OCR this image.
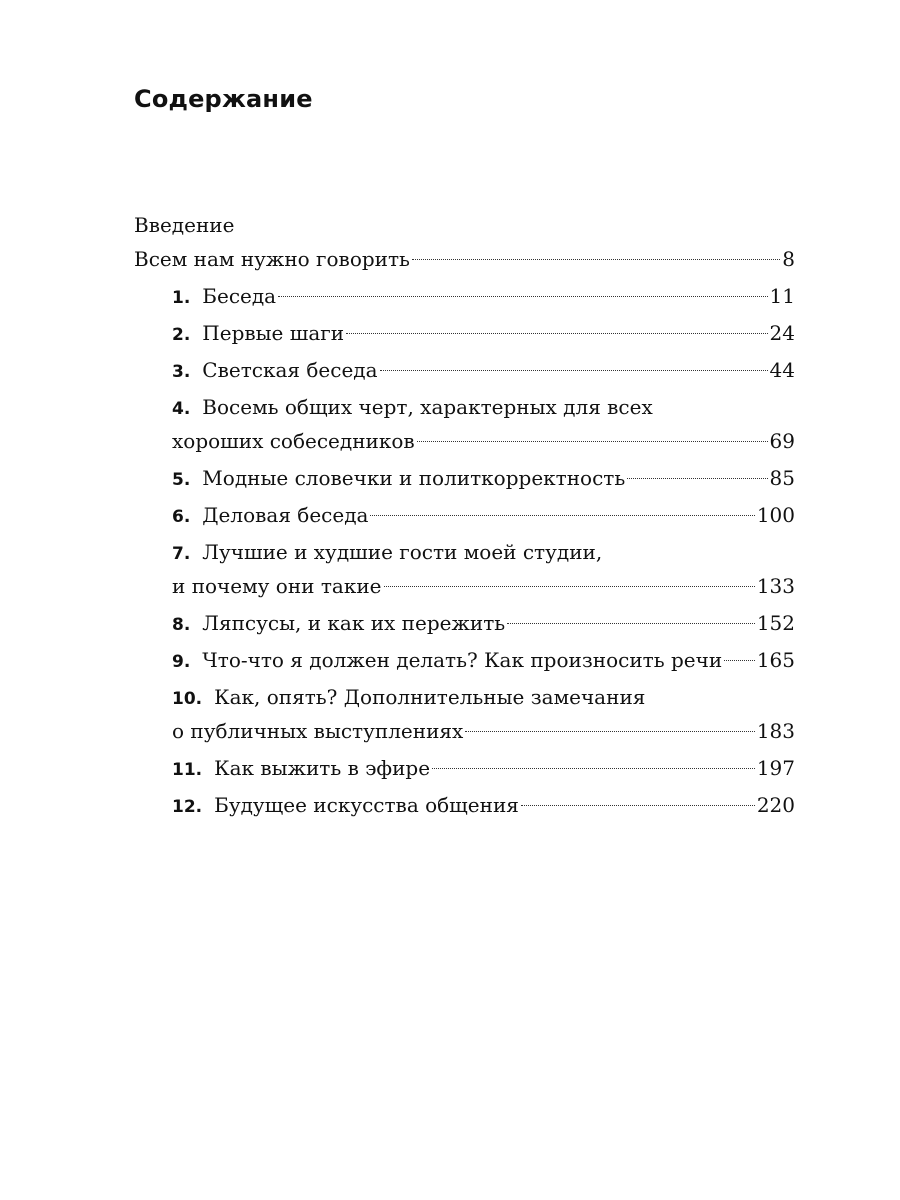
Содержание
Введение
Всем нам нужно говорить	8
1. Беседа	11
2. Первые шаги	24
3. Светская беседа	44
4. Восемь общих черт, характерных для всех
хороших собеседников	69
5. Модные словечки и политкорректность	85
6. Деловая беседа	100
7. Лучшие и худшие гости моей студии,
и почему они такие	133
8. Ляпсусы, и как их пережить	152
9. Что-что я должен делать? Как произносить речи 165
10. Как, опять? Дополнительные замечания
о публичных выступлениях	183
11. Как выжить в эфире	197
12. Будущее искусства общения	220
